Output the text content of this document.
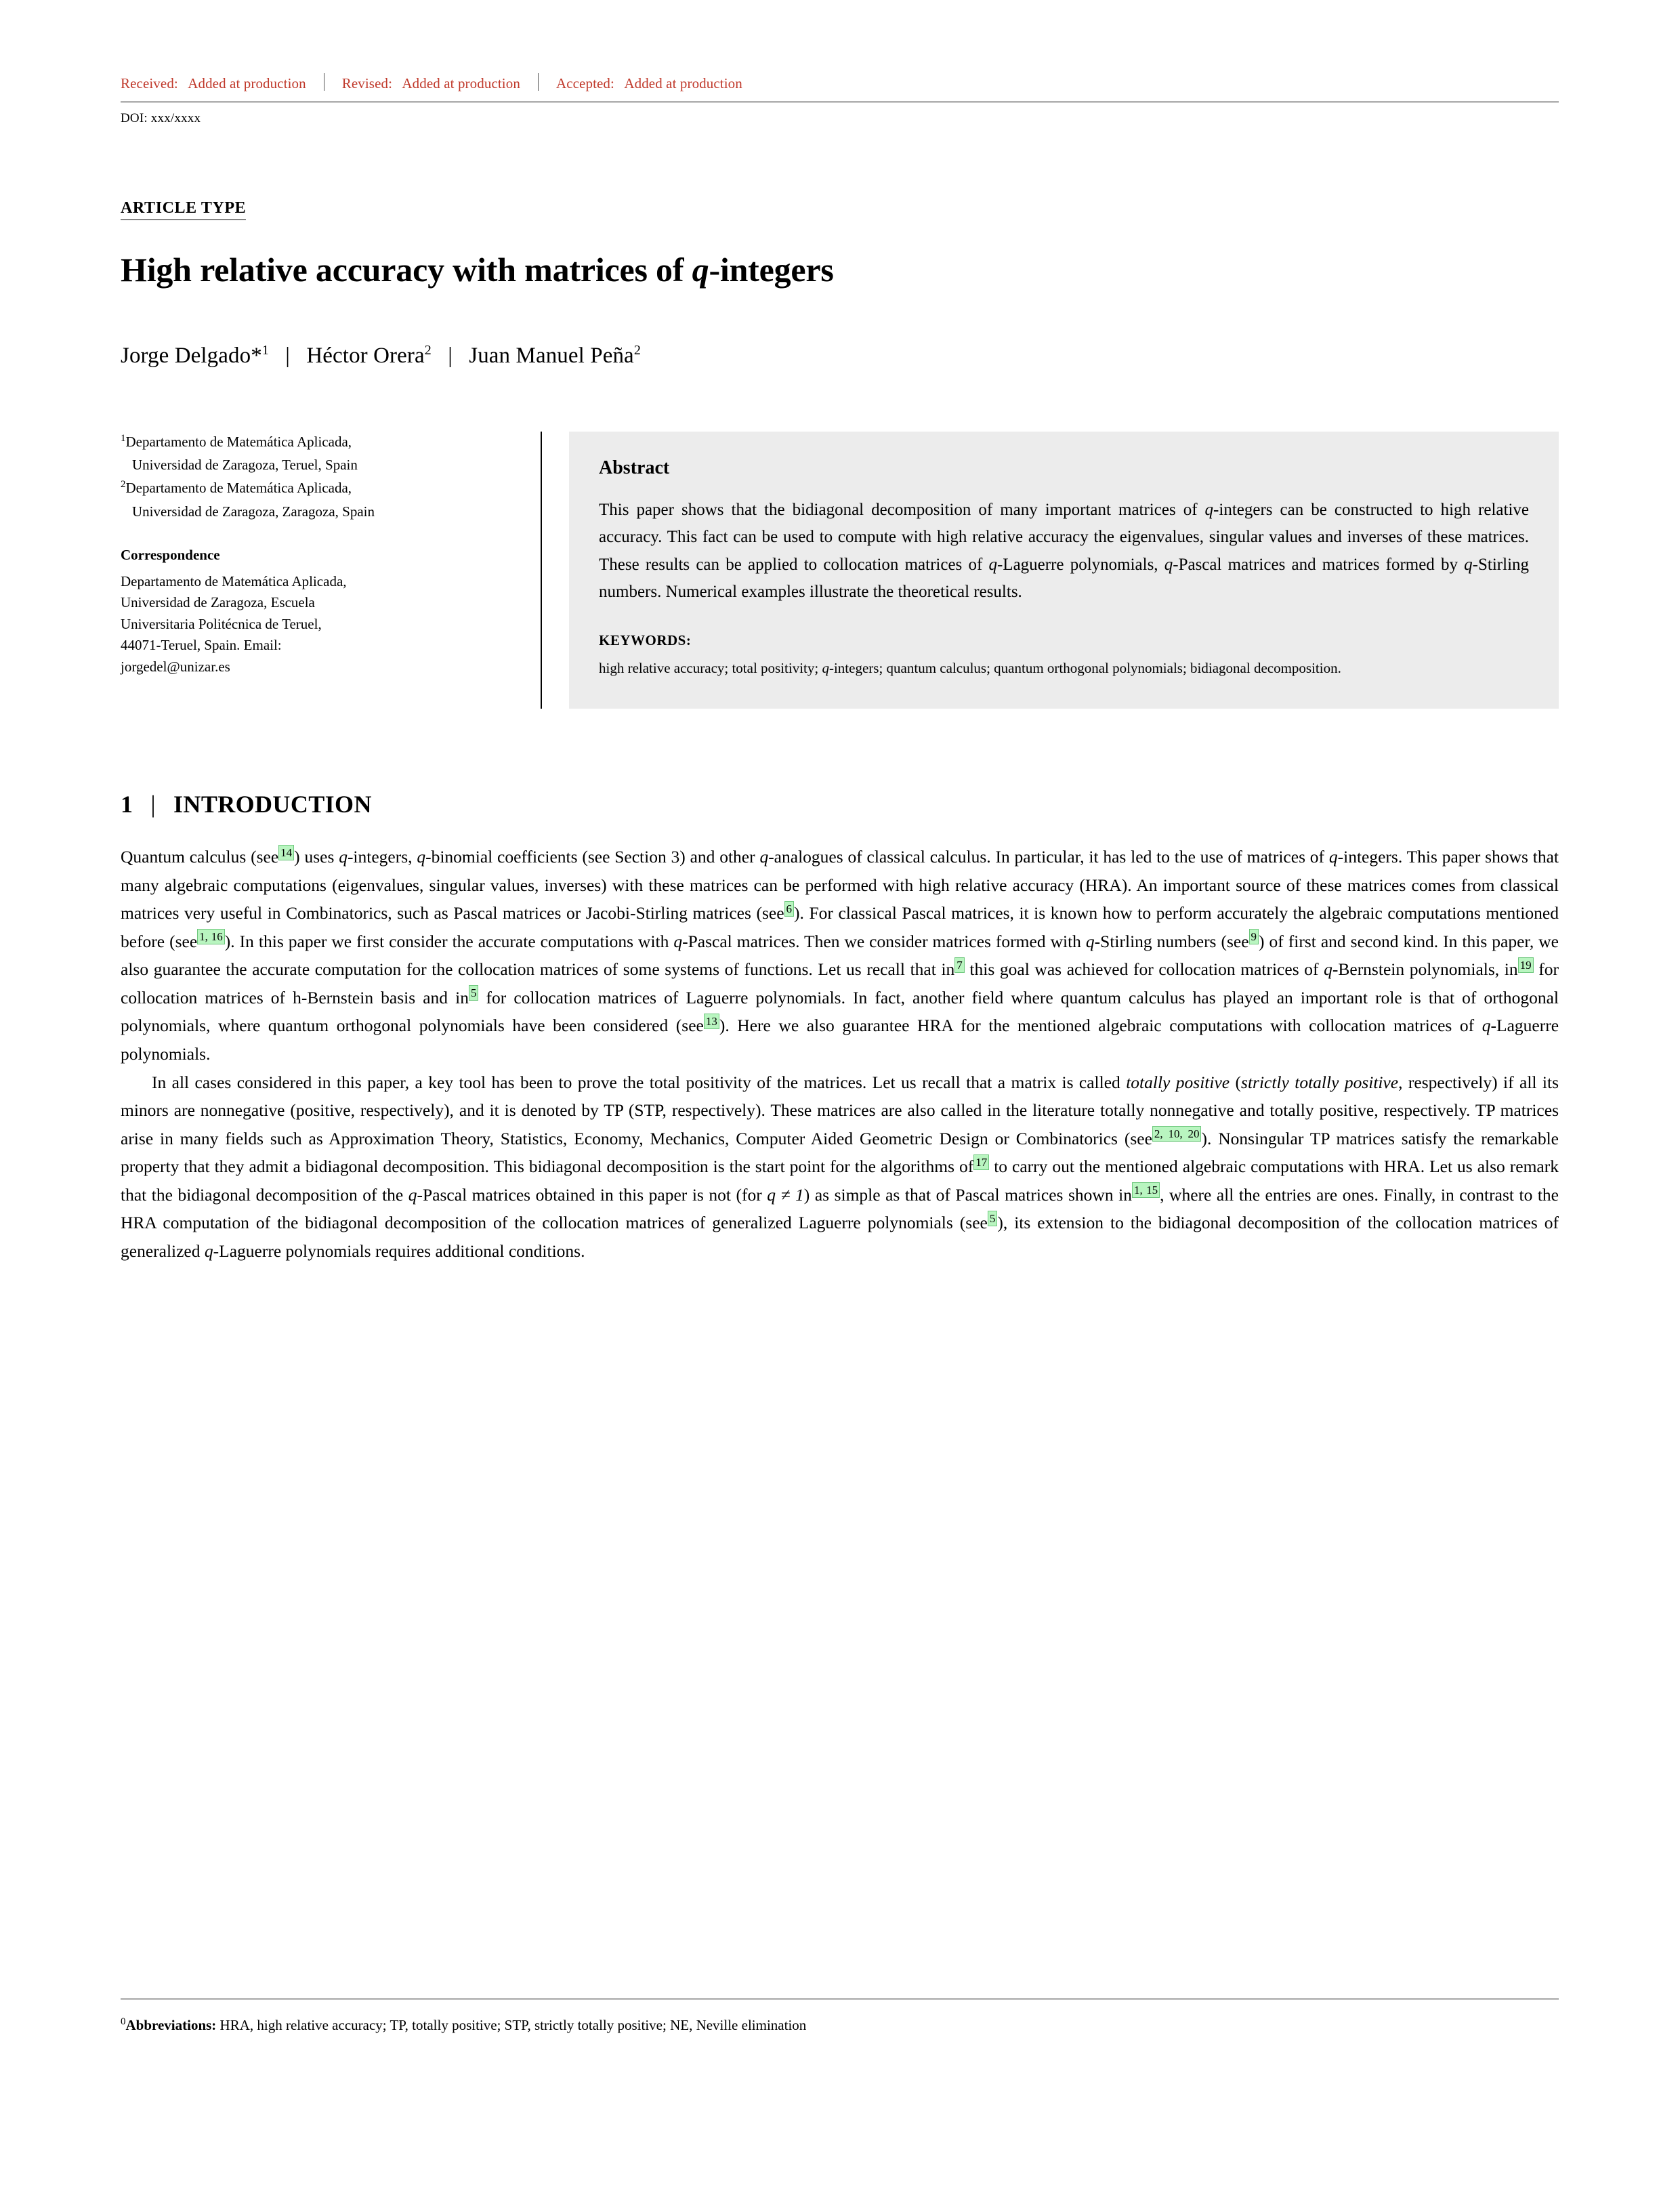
Received: Added at production	Revised: Added at production	Accepted: Added at production
DOI: xxx/xxxx
ARTICLE TYPE
High relative accuracy with matrices of q-integers
Jorge Delgado*$^1$ | Héctor Orera$^2$ | Juan Manuel Peña$^2$

$^1$Departamento de Matemática Aplicada,

Universidad de Zaragoza, Teruel, Spain

$^2$Departamento de Matemática Aplicada,

Universidad de Zaragoza, Zaragoza, Spain

Correspondence

Departamento de Matemática Aplicada,

Universidad de Zaragoza, Escuela

Universitaria Politécnica de Teruel,

44071-Teruel, Spain. Email:

jorgedel@unizar.es

Abstract
This paper shows that the bidiagonal decomposition of many important matrices of q-integers can be constructed to high relative accuracy. This fact can be used to compute with high relative accuracy the eigenvalues, singular values and inverses of these matrices. These results can be applied to collocation matrices of q-Laguerre polynomials, q-Pascal matrices and matrices formed by q-Stirling numbers. Numerical examples illustrate the theoretical results.
KEYWORDS:
high relative accuracy; total positivity; q-integers; quantum calculus; quantum orthogonal polynomials; bidiagonal decomposition.
1 | INTRODUCTION

Quantum calculus (see $^{14}$ ) uses q-integers, q-binomial coefficients (see Section 3) and other q-analogues of classical calculus. In particular, it has led to the use of matrices of q-integers. This paper shows that many algebraic computations (eigenvalues, singular values, inverses) with these matrices can be performed with high relative accuracy (HRA). An important source of these matrices comes from classical matrices very useful in Combinatorics, such as Pascal matrices or Jacobi-Stirling matrices (see $^6$ ). For classical Pascal matrices, it is known how to perform accurately the algebraic computations mentioned before (see $^{1, 16}$ ). In this paper we first consider the accurate computations with q-Pascal matrices. Then we consider matrices formed with q-Stirling numbers (see $^9$ ) of first and second kind. In this paper, we also guarantee the accurate computation for the collocation matrices of some systems of functions. Let us recall that in $^7$ this goal was achieved for collocation matrices of q-Bernstein polynomials, in $^{19}$ for collocation matrices of h-Bernstein basis and in $^5$ for collocation matrices of Laguerre polynomials. In fact, another field where quantum calculus has played an important role is that of orthogonal polynomials, where quantum orthogonal polynomials have been considered (see $^{13}$ ). Here we also guarantee HRA for the mentioned algebraic computations with collocation matrices of q-Laguerre polynomials.

In all cases considered in this paper, a key tool has been to prove the total positivity of the matrices. Let us recall that a matrix is called totally positive (strictly totally positive, respectively) if all its minors are nonnegative (positive, respectively), and it is denoted by TP (STP, respectively). These matrices are also called in the literature totally nonnegative and totally positive, respectively. TP matrices arise in many fields such as Approximation Theory, Statistics, Economy, Mechanics, Computer Aided Geometric Design or Combinatorics (see $^{2, 10, 20}$ ). Nonsingular TP matrices satisfy the remarkable property that they admit a bidiagonal decomposition. This bidiagonal decomposition is the start point for the algorithms of $^{17}$ to carry out the mentioned algebraic computations with HRA. Let us also remark that the bidiagonal decomposition of the q-Pascal matrices obtained in this paper is not (for q ≠ 1) as simple as that of Pascal matrices shown in $^{1, 15}$ , where all the entries are ones. Finally, in contrast to the HRA computation of the bidiagonal decomposition of the collocation matrices of generalized Laguerre polynomials (see $^5$ ), its extension to the bidiagonal decomposition of the collocation matrices of generalized q-Laguerre polynomials requires additional conditions.

$^0$Abbreviations: HRA, high relative accuracy; TP, totally positive; STP, strictly totally positive; NE, Neville elimination
